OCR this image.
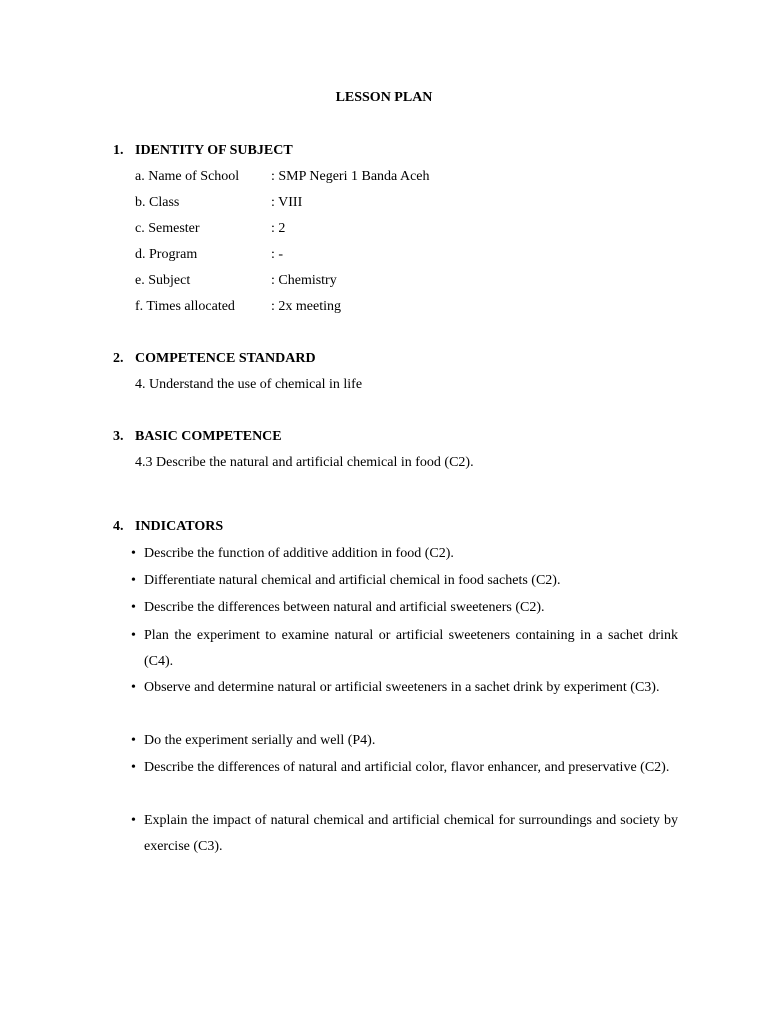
LESSON PLAN
1. IDENTITY OF SUBJECT
a. Name of School : SMP Negeri 1 Banda Aceh
b. Class	: VIII
c. Semester	: 2
d. Program	: -
e. Subject	: Chemistry
f. Times allocated	: 2x meeting
2. COMPETENCE STANDARD
4. Understand the use of chemical in life
3. BASIC COMPETENCE
4.3 Describe the natural and artificial chemical in food (C2).
4. INDICATORS
• Describe the function of additive addition in food (C2).
• Differentiate natural chemical and artificial chemical in food sachets (C2).
• Describe the differences between natural and artificial sweeteners (C2).
• Plan the experiment to examine natural or artificial sweeteners containing in a sachet drink (C4).
• Observe and determine natural or artificial sweeteners in a sachet drink by experiment (C3).
• Do the experiment serially and well (P4).
• Describe the differences of natural and artificial color, flavor enhancer, and preservative (C2).
• Explain the impact of natural chemical and artificial chemical for surroundings and society by exercise (C3).
